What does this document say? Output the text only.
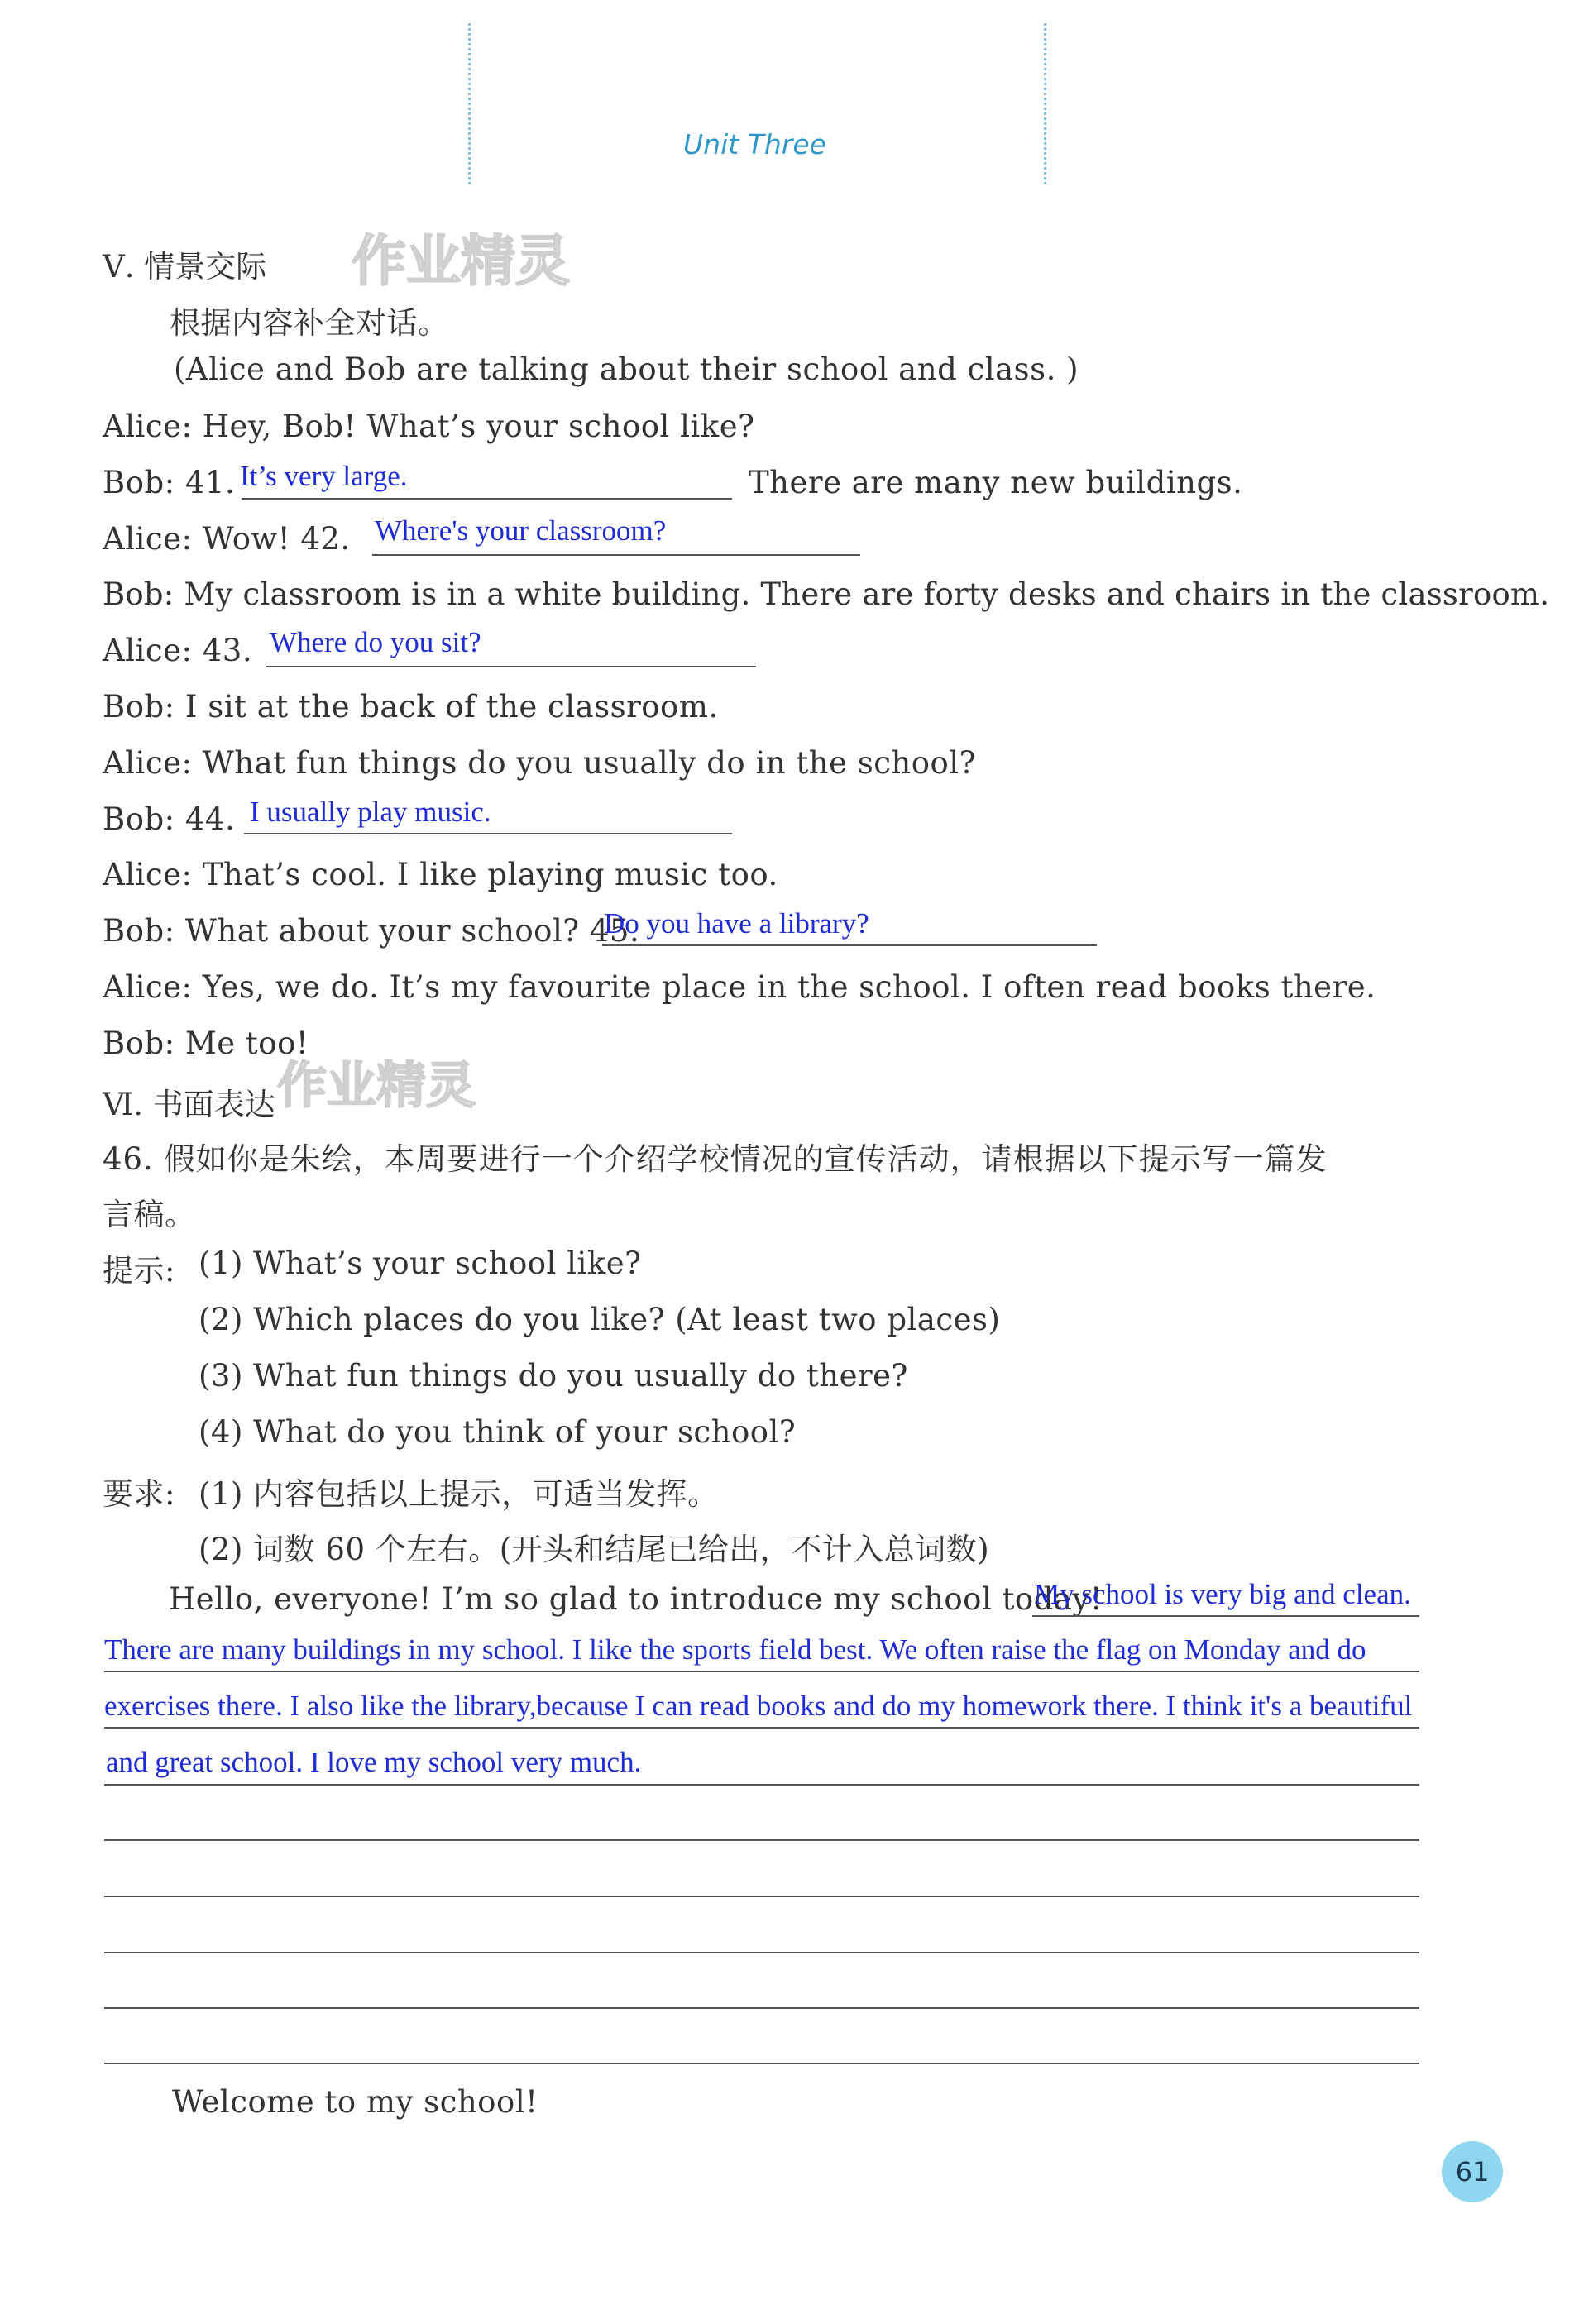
Unit Three
作业精灵
作业精灵
Ⅴ. 情景交际
根据内容补全对话。
(Alice and Bob are talking about their school and class. )
Alice: Hey, Bob! What’s your school like?
Bob: 41. It’s very large.	There are many new buildings.
Alice: Wow! 42. Where's your classroom?
Bob: My classroom is in a white building. There are forty desks and chairs in the classroom.
Alice: 43. Where do you sit?
Bob: I sit at the back of the classroom.
Alice: What fun things do you usually do in the school?
Bob: 44. I usually play music.
Alice: That’s cool. I like playing music too.
Bob: What about your school? 45.
Do you have a library?
Alice: Yes, we do. It’s my favourite place in the school. I often read books there.
Bob: Me too!
Ⅵ. 书面表达
46. 假如你是朱绘，本周要进行一个介绍学校情况的宣传活动，请根据以下提示写一篇发
言稿。
提示: (1) What’s your school like?
(2) Which places do you like? (At least two places)
(3) What fun things do you usually do there?
(4) What do you think of your school?
要求: (1) 内容包括以上提示，可适当发挥。
(2) 词数 60 个左右。(开头和结尾已给出，不计入总词数)
Hello, everyone! I’m so glad to introduce my school today!
My school is very big and clean.
There are many buildings in my school. I like the sports field best. We often raise the flag on Monday and do
exercises there. I also like the library,because I can read books and do my homework there. I think it's a beautiful
and great school. I love my school very much.
Welcome to my school!
61
